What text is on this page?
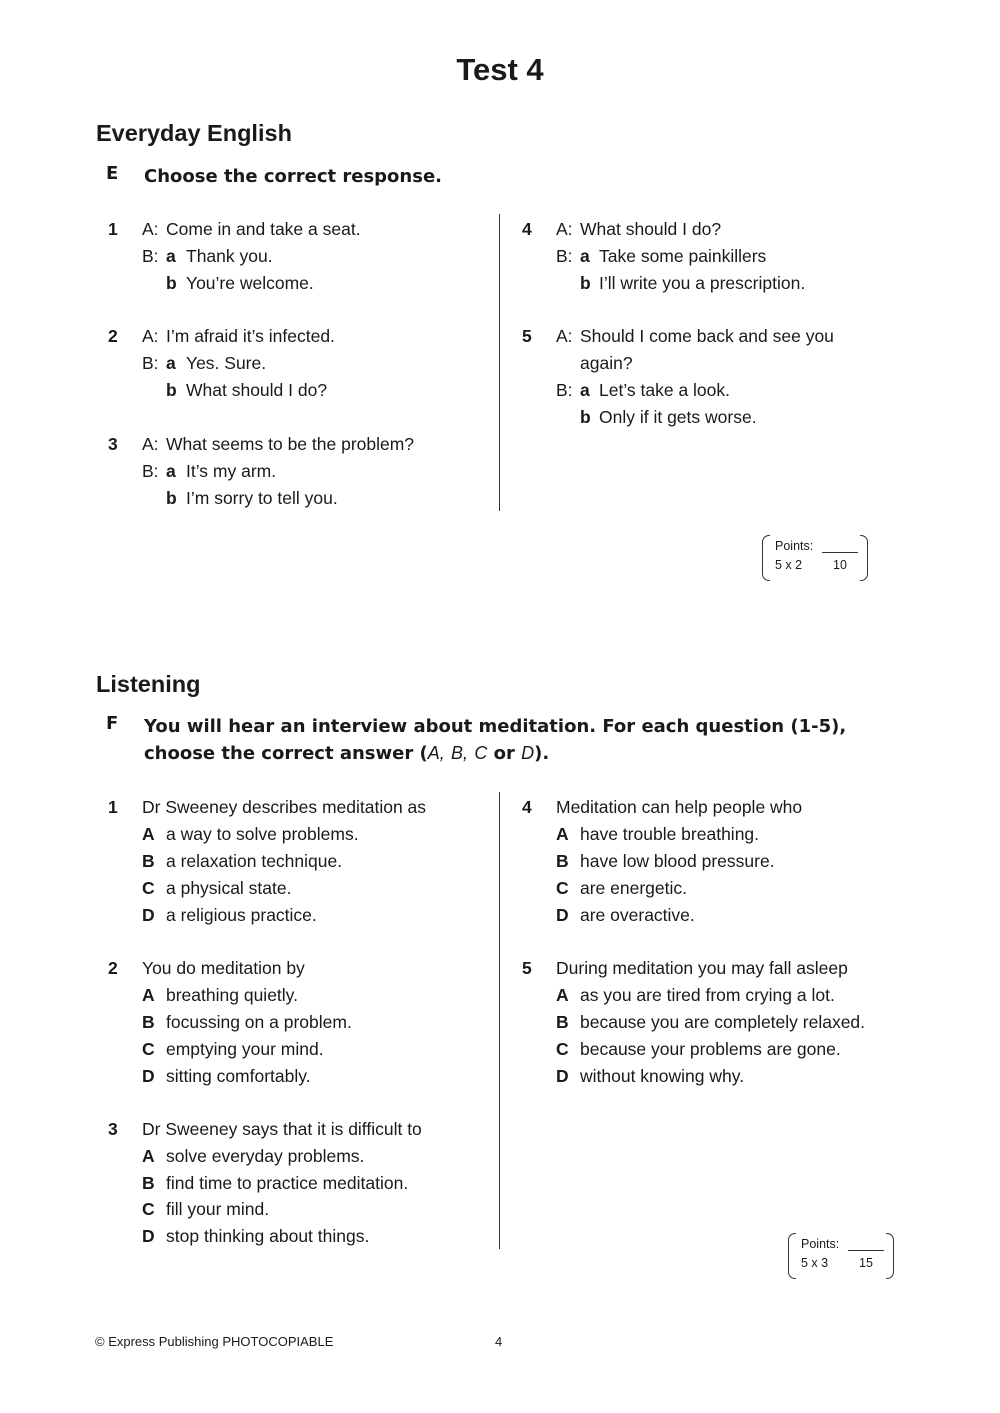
Test 4
Everyday English
E Choose the correct response.
1 A: Come in and take a seat.
B: a Thank you.
b You’re welcome.
2 A: I’m afraid it’s infected.
B: a Yes. Sure.
b What should I do?
3 A: What seems to be the problem?
B: a It’s my arm.
b I’m sorry to tell you.
4 A: What should I do?
B: a Take some painkillers
b I’ll write you a prescription.
5 A: Should I come back and see you
again?
B: a Let’s take a look.
b Only if it gets worse.
Points:
5 x 2 10
Listening
F You will hear an interview about meditation. For each question (1-5),
choose the correct answer (A, B, C or D).
1 Dr Sweeney describes meditation as
A a way to solve problems.
B a relaxation technique.
C a physical state.
D a religious practice.
2 You do meditation by
A breathing quietly.
B focussing on a problem.
C emptying your mind.
D sitting comfortably.
3 Dr Sweeney says that it is difficult to
A solve everyday problems.
B find time to practice meditation.
C fill your mind.
D stop thinking about things.
4 Meditation can help people who
A have trouble breathing.
B have low blood pressure.
C are energetic.
D are overactive.
5 During meditation you may fall asleep
A as you are tired from crying a lot.
B because you are completely relaxed.
C because your problems are gone.
D without knowing why.
Points:
5 x 3 15
© Express Publishing PHOTOCOPIABLE	4
